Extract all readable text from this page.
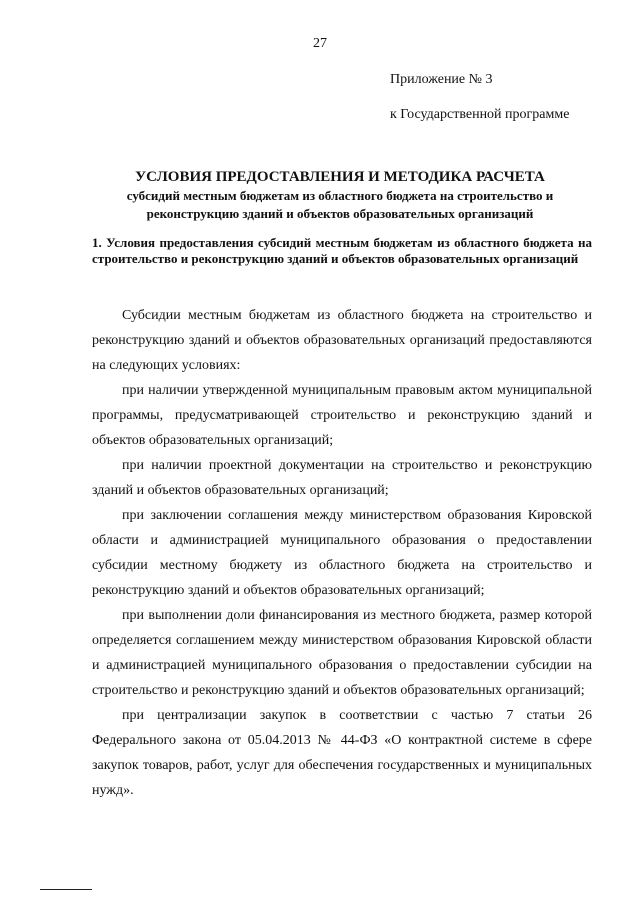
27
Приложение № 3
к Государственной программе
УСЛОВИЯ ПРЕДОСТАВЛЕНИЯ И МЕТОДИКА РАСЧЕТА
субсидий местным бюджетам из областного бюджета на строительство и реконструкцию зданий и объектов образовательных организаций
1. Условия предоставления субсидий местным бюджетам из областного бюджета на строительство и реконструкцию зданий и объектов образовательных организаций

Субсидии местным бюджетам из областного бюджета на строительство и реконструкцию зданий и объектов образовательных организаций предоставляются на следующих условиях:

при наличии утвержденной муниципальным правовым актом муниципальной программы, предусматривающей строительство и реконструкцию зданий и объектов образовательных организаций;

при наличии проектной документации на строительство и реконструкцию зданий и объектов образовательных организаций;

при заключении соглашения между министерством образования Кировской области и администрацией муниципального образования о предоставлении субсидии местному бюджету из областного бюджета на строительство и реконструкцию зданий и объектов образовательных организаций;

при выполнении доли финансирования из местного бюджета, размер которой определяется соглашением между министерством образования Кировской области и администрацией муниципального образования о предоставлении субсидии на строительство и реконструкцию зданий и объектов образовательных организаций;

при централизации закупок в соответствии с частью 7 статьи 26 Федерального закона от 05.04.2013 № 44-ФЗ «О контрактной системе в сфере закупок товаров, работ, услуг для обеспечения государственных и муниципальных нужд».
